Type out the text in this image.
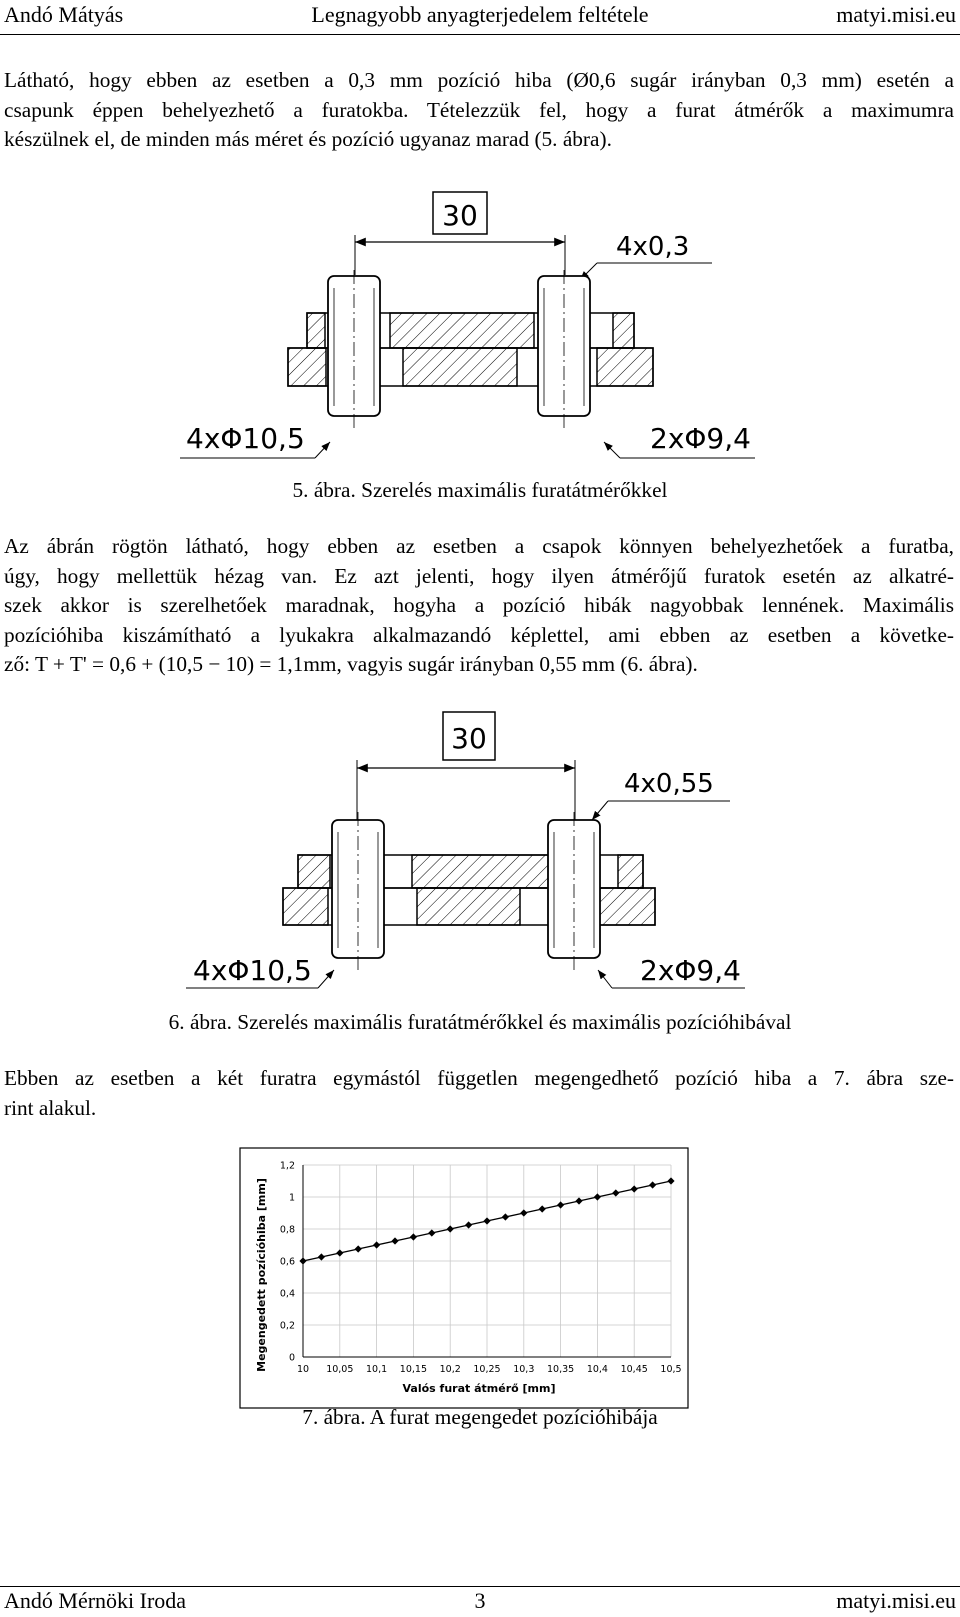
Andó Mátyás	Legnagyobb anyagterjedelem feltétele	matyi.misi.eu
Látható, hogy ebben az esetben a 0,3 mm pozíció hiba (Ø0,6 sugár irányban 0,3 mm) esetén a
csapunk éppen behelyezhető a furatokba. Tételezzük fel, hogy a furat átmérők a maximumra
készülnek el, de minden más méret és pozíció ugyanaz marad (5. ábra).
30
4x0,3
4xΦ10,5	2xΦ9,4
5. ábra. Szerelés maximális furatátmérőkkel
Az ábrán rögtön látható, hogy ebben az esetben a csapok könnyen behelyezhetőek a furatba,
úgy, hogy mellettük hézag van. Ez azt jelenti, hogy ilyen átmérőjű furatok esetén az alkatré-
szek akkor is szerelhetőek maradnak, hogyha a pozíció hibák nagyobbak lennének. Maximális
pozícióhiba kiszámítható a lyukakra alkalmazandó képlettel, ami ebben az esetben a követke-
ző: T + T' = 0,6 + (10,5 − 10) = 1,1mm, vagyis sugár irányban 0,55 mm (6. ábra).
30
4x0,55
4xΦ10,5	2xΦ9,4
6. ábra. Szerelés maximális furatátmérőkkel és maximális pozícióhibával
Ebben az esetben a két furatra egymástól független megengedhető pozíció hiba a 7. ábra sze-
rint alakul.
0
0,2
0,4
0,6
0,8
1
1,2
10 10,05 10,1 10,15 10,2 10,25 10,3 10,35 10,4 10,45 10,5
Valós furat átmérő [mm]
Megengedett pozícióhiba [mm]
7. ábra. A furat megengedet pozícióhibája
Andó Mérnöki Iroda	3	matyi.misi.eu
